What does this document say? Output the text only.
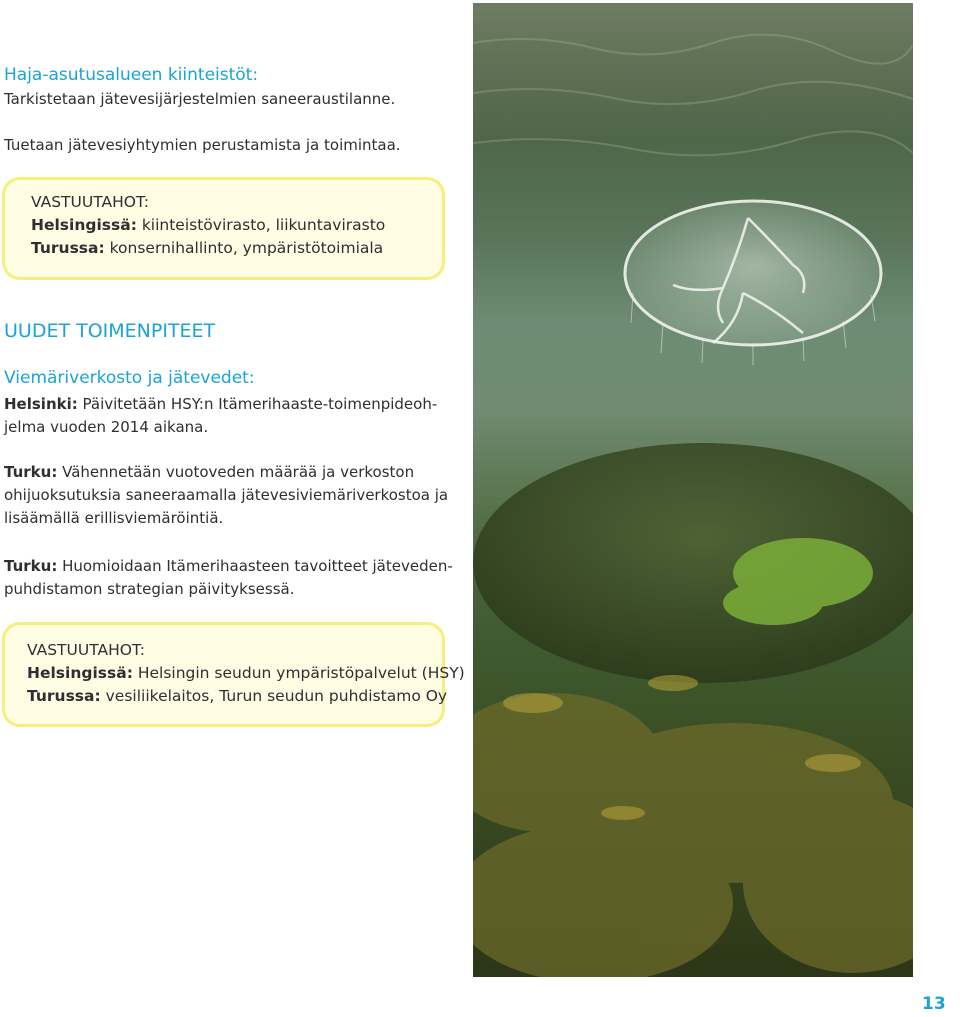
Haja-asutusalueen kiinteistöt:
Tarkistetaan jätevesijärjestelmien saneeraustilanne.
Tuetaan jätevesiyhtymien perustamista ja toimintaa.
VASTUUTAHOT:
Helsingissä: kiinteistövirasto, liikuntavirasto
Turussa: konsernihallinto, ympäristötoimiala
UUDET TOIMENPITEET
Viemäriverkosto ja jätevedet:
Helsinki: Päivitetään HSY:n Itämerihaaste-toimenpideoh-
jelma vuoden 2014 aikana.
Turku: Vähennetään vuotoveden määrää ja verkoston
ohijuoksutuksia saneeraamalla jätevesiviemäriverkostoa ja
lisäämällä erillisviemäröintiä.
Turku: Huomioidaan Itämerihaasteen tavoitteet jäteveden-
puhdistamon strategian päivityksessä.
VASTUUTAHOT:
Helsingissä: Helsingin seudun ympäristöpalvelut (HSY)
Turussa: vesiliikelaitos, Turun seudun puhdistamo Oy
13
